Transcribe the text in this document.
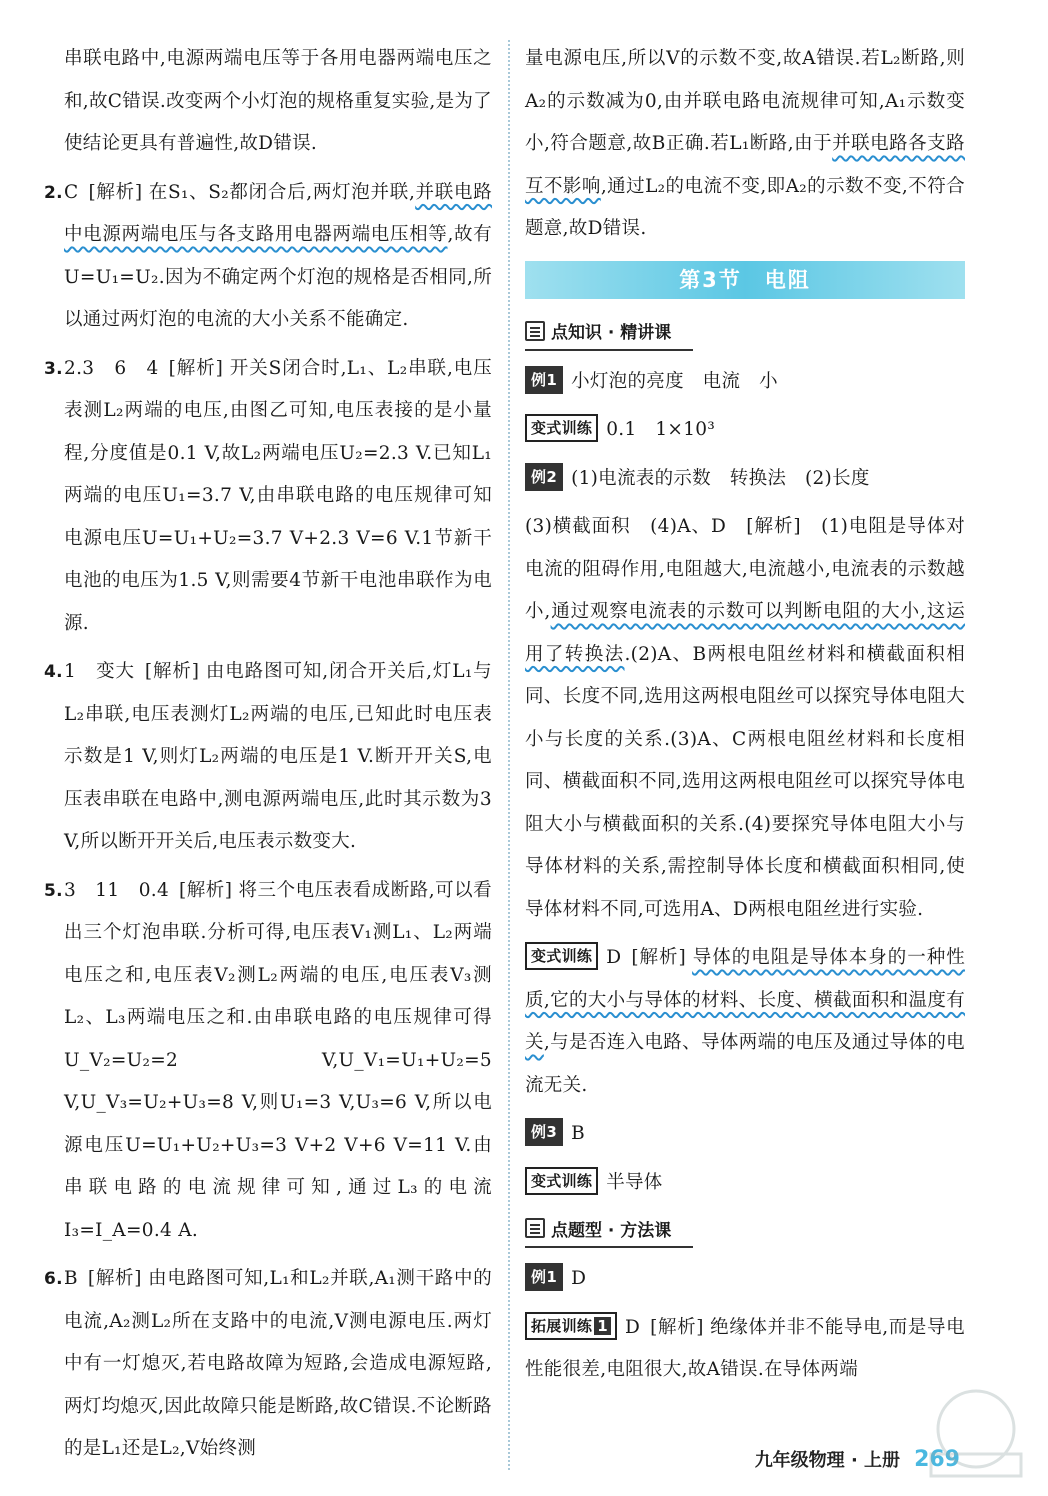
串联电路中,电源两端电压等于各用电器两端电压之和,故C错误.改变两个小灯泡的规格重复实验,是为了使结论更具有普遍性,故D错误.

2.C [解析] 在S₁、S₂都闭合后,两灯泡并联,并联电路中电源两端电压与各支路用电器两端电压相等,故有U=U₁=U₂.因为不确定两个灯泡的规格是否相同,所以通过两灯泡的电流的大小关系不能确定.

3.2.3　6　4 [解析] 开关S闭合时,L₁、L₂串联,电压表测L₂两端的电压,由图乙可知,电压表接的是小量程,分度值是0.1 V,故L₂两端电压U₂=2.3 V.已知L₁两端的电压U₁=3.7 V,由串联电路的电压规律可知电源电压U=U₁+U₂=3.7 V+2.3 V=6 V.1节新干电池的电压为1.5 V,则需要4节新干电池串联作为电源.

4.1　变大 [解析] 由电路图可知,闭合开关后,灯L₁与L₂串联,电压表测灯L₂两端的电压,已知此时电压表示数是1 V,则灯L₂两端的电压是1 V.断开开关S,电压表串联在电路中,测电源两端电压,此时其示数为3 V,所以断开开关后,电压表示数变大.

5.3　11　0.4 [解析] 将三个电压表看成断路,可以看出三个灯泡串联.分析可得,电压表V₁测L₁、L₂两端电压之和,电压表V₂测L₂两端的电压,电压表V₃测L₂、L₃两端电压之和.由串联电路的电压规律可得U_V₂=U₂=2 V,U_V₁=U₁+U₂=5 V,U_V₃=U₂+U₃=8 V,则U₁=3 V,U₃=6 V,所以电源电压U=U₁+U₂+U₃=3 V+2 V+6 V=11 V.由串联电路的电流规律可知,通过L₃的电流I₃=I_A=0.4 A.

6.B [解析] 由电路图可知,L₁和L₂并联,A₁测干路中的电流,A₂测L₂所在支路中的电流,V测电源电压.两灯中有一灯熄灭,若电路故障为短路,会造成电源短路,两灯均熄灭,因此故障只能是断路,故C错误.不论断路的是L₁还是L₂,V始终测

量电源电压,所以V的示数不变,故A错误.若L₂断路,则A₂的示数减为0,由并联电路电流规律可知,A₁示数变小,符合题意,故B正确.若L₁断路,由于并联电路各支路互不影响,通过L₂的电流不变,即A₂的示数不变,不符合题意,故D错误.

第3节　电阻
点知识 · 精讲课

例1 小灯泡的亮度　电流　小

变式训练 0.1　1×10³

例2 (1)电流表的示数　转换法　(2)长度

(3)横截面积　(4)A、D　[解析]　(1)电阻是导体对电流的阻碍作用,电阻越大,电流越小,电流表的示数越小,通过观察电流表的示数可以判断电阻的大小,这运用了转换法.(2)A、B两根电阻丝材料和横截面积相同、长度不同,选用这两根电阻丝可以探究导体电阻大小与长度的关系.(3)A、C两根电阻丝材料和长度相同、横截面积不同,选用这两根电阻丝可以探究导体电阻大小与横截面积的关系.(4)要探究导体电阻大小与导体材料的关系,需控制导体长度和横截面积相同,使导体材料不同,可选用A、D两根电阻丝进行实验.

变式训练 D [解析] 导体的电阻是导体本身的一种性质,它的大小与导体的材料、长度、横截面积和温度有关,与是否连入电路、导体两端的电压及通过导体的电流无关.

例3 B

变式训练 半导体

点题型 · 方法课

例1 D

拓展训练 1 D [解析] 绝缘体并非不能导电,而是导电性能很差,电阻很大,故A错误.在导体两端

九年级物理 · 上册 269
